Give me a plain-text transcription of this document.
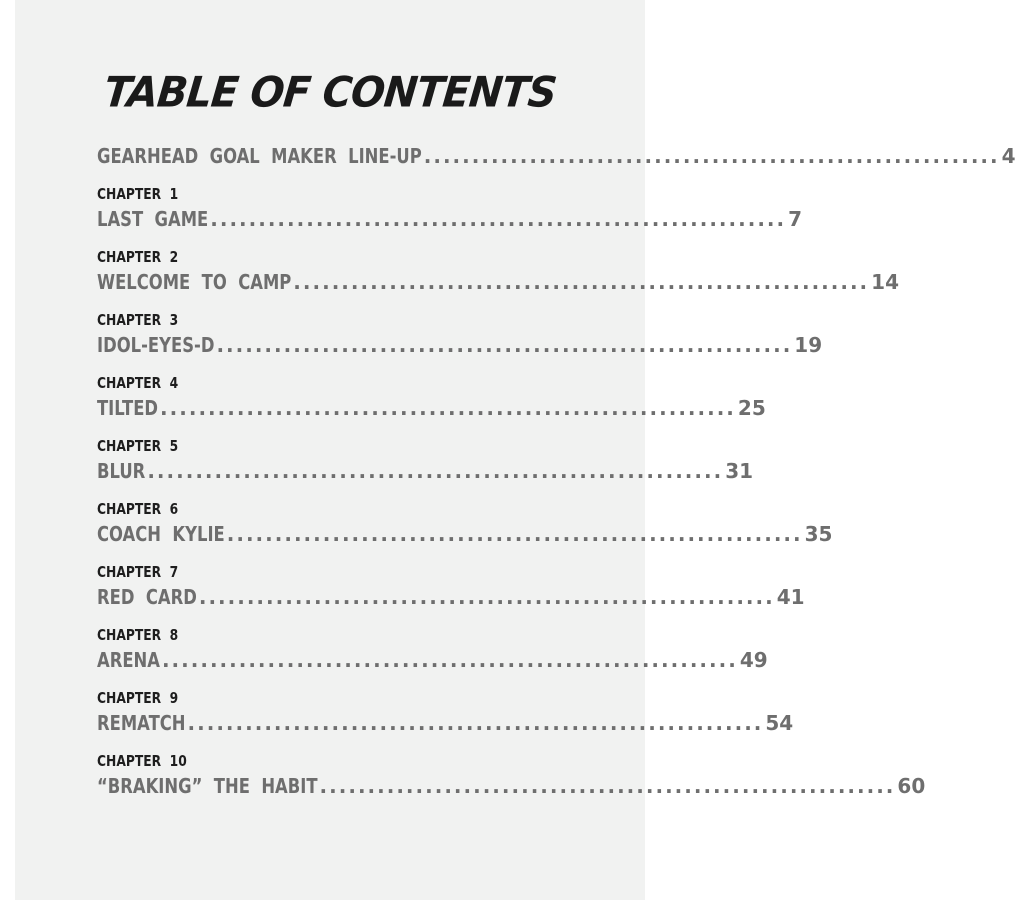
TABLE OF CONTENTS
GEARHEAD  GOAL  MAKER  LINE-UP ............................................................ 4
CHAPTER  1
LAST  GAME ............................................................ 7
CHAPTER  2
WELCOME  TO  CAMP ............................................................ 14
CHAPTER  3
IDOL-EYES-D ............................................................ 19
CHAPTER  4
TILTED ............................................................ 25
CHAPTER  5
BLUR ............................................................ 31
CHAPTER  6
COACH  KYLIE ............................................................ 35
CHAPTER  7
RED  CARD ............................................................ 41
CHAPTER  8
ARENA ............................................................ 49
CHAPTER  9
REMATCH ............................................................ 54
CHAPTER  10
“BRAKING”  THE  HABIT ............................................................ 60
